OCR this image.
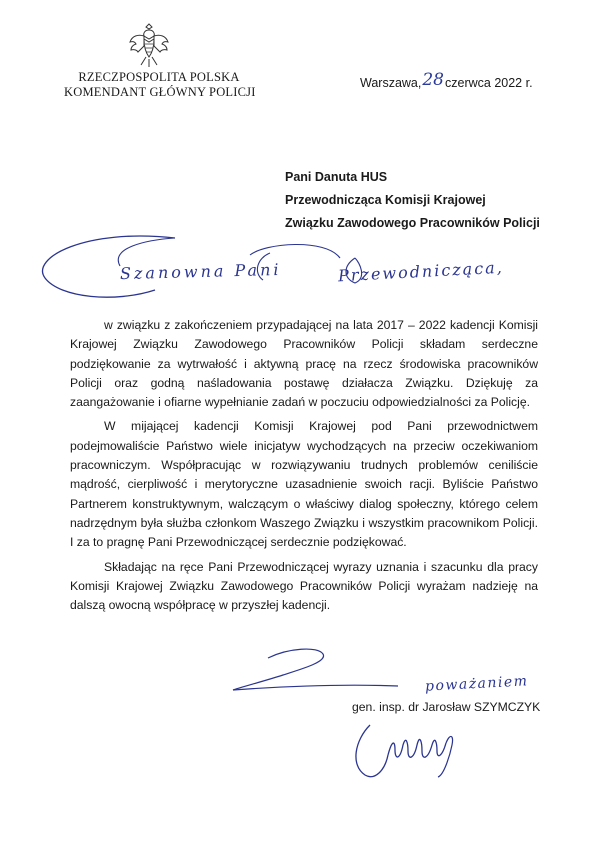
RZECZPOSPOLITA POLSKA
KOMENDANT GŁÓWNY POLICJI
Warszawa,28czerwca 2022 r.
Pani Danuta HUS
Przewodnicząca Komisji Krajowej
Związku Zawodowego Pracowników Policji
Szanowna Pani	Przewodnicząca,

w związku z zakończeniem przypadającej na lata 2017 – 2022 kadencji Komisji Krajowej Związku Zawodowego Pracowników Policji składam serdeczne podziękowanie za wytrwałość i aktywną pracę na rzecz środowiska pracowników Policji oraz godną naśladowania postawę działacza Związku. Dziękuję za zaangażowanie i ofiarne wypełnianie zadań w poczuciu odpowiedzialności za Policję.

W mijającej kadencji Komisji Krajowej pod Pani przewodnictwem podejmowaliście Państwo wiele inicjatyw wychodzących na przeciw oczekiwaniom pracowniczym. Współpracując w rozwiązywaniu trudnych problemów ceniliście mądrość, cierpliwość i merytoryczne uzasadnienie swoich racji. Byliście Państwo Partnerem konstruktywnym, walczącym o właściwy dialog społeczny, którego celem nadrzędnym była służba członkom Waszego Związku i wszystkim pracownikom Policji. I za to pragnę Pani Przewodniczącej serdecznie podziękować.

Składając na ręce Pani Przewodniczącej wyrazy uznania i szacunku dla pracy Komisji Krajowej Związku Zawodowego Pracowników Policji wyrażam nadzieję na dalszą owocną współpracę w przyszłej kadencji.

poważaniem
gen. insp. dr Jarosław SZYMCZYK
